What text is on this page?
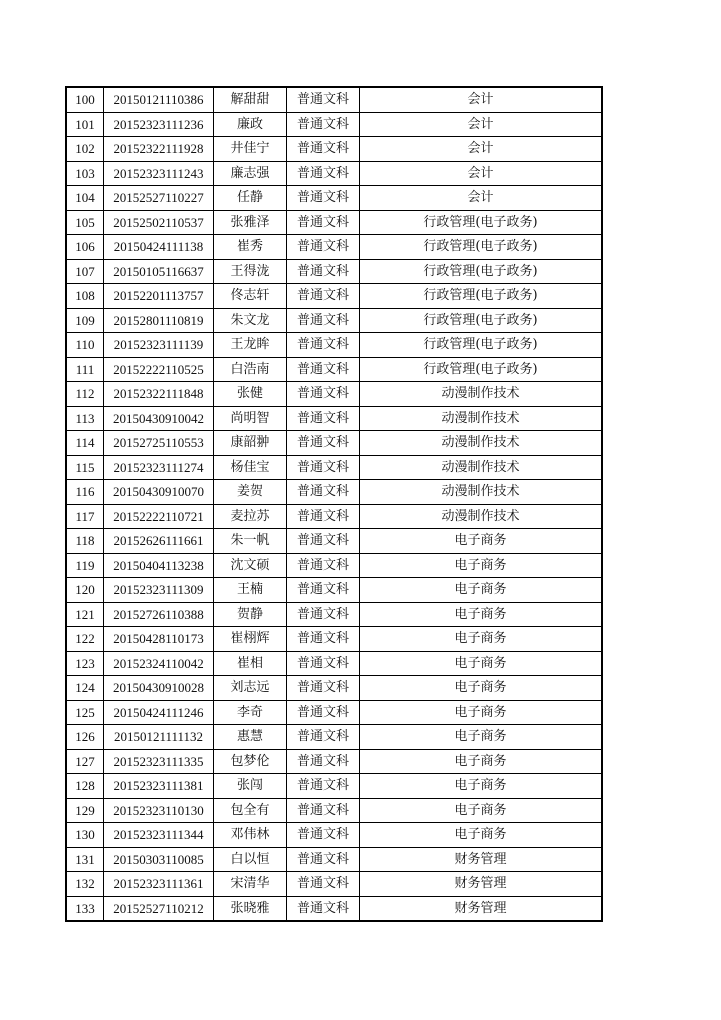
100	20150121110386	解甜甜	普通文科	会计
101	20152323111236	廉政	普通文科	会计
102	20152322111928	井佳宁	普通文科	会计
103	20152323111243	廉志强	普通文科	会计
104	20152527110227	任静	普通文科	会计
105	20152502110537	张雅泽	普通文科	行政管理(电子政务)
106	20150424111138	崔秀	普通文科	行政管理(电子政务)
107	20150105116637	王得泷	普通文科	行政管理(电子政务)
108	20152201113757	佟志轩	普通文科	行政管理(电子政务)
109	20152801110819	朱文龙	普通文科	行政管理(电子政务)
110	20152323111139	王龙眸	普通文科	行政管理(电子政务)
111	20152222110525	白浩南	普通文科	行政管理(电子政务)
112	20152322111848	张健	普通文科	动漫制作技术
113	20150430910042	尚明智	普通文科	动漫制作技术
114	20152725110553	康韶翀	普通文科	动漫制作技术
115	20152323111274	杨佳宝	普通文科	动漫制作技术
116	20150430910070	姜贺	普通文科	动漫制作技术
117	20152222110721	麦拉苏	普通文科	动漫制作技术
118	20152626111661	朱一帆	普通文科	电子商务
119	20150404113238	沈文硕	普通文科	电子商务
120	20152323111309	王楠	普通文科	电子商务
121	20152726110388	贺静	普通文科	电子商务
122	20150428110173	崔栩辉	普通文科	电子商务
123	20152324110042	崔相	普通文科	电子商务
124	20150430910028	刘志远	普通文科	电子商务
125	20150424111246	李奇	普通文科	电子商务
126	20150121111132	惠慧	普通文科	电子商务
127	20152323111335	包梦伦	普通文科	电子商务
128	20152323111381	张闯	普通文科	电子商务
129	20152323110130	包全有	普通文科	电子商务
130	20152323111344	邓伟林	普通文科	电子商务
131	20150303110085	白以恒	普通文科	财务管理
132	20152323111361	宋清华	普通文科	财务管理
133	20152527110212	张晓雅	普通文科	财务管理
